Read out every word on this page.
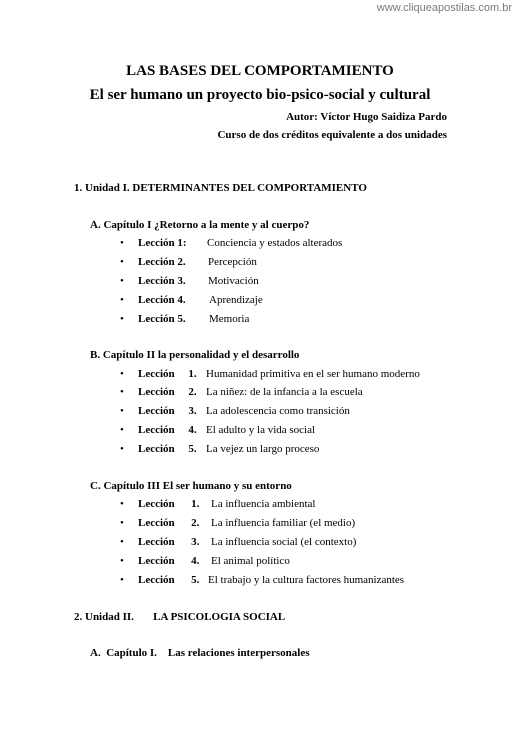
www.cliqueapostilas.com.br
LAS BASES DEL COMPORTAMIENTO
El ser humano un proyecto bio-psico-social y cultural
Autor: Víctor Hugo Saidiza Pardo
Curso de dos créditos equivalente a dos unidades
1. Unidad I. DETERMINANTES DEL COMPORTAMIENTO
A. Capítulo I ¿Retorno a la mente y al cuerpo?
•	Lección 1: Conciencia y estados alterados
•	Lección 2. Percepción
•	Lección 3. Motivación
•	Lección 4. Aprendizaje
•	Lección 5. Memoria
B. Capítulo II la personalidad y el desarrollo
•	Lección     1. Humanidad primitiva en el ser humano moderno
•	Lección     2. La niñez: de la infancia a la escuela
•	Lección     3. La adolescencia como transición
•	Lección     4. El adulto y la vida social
•	Lección     5. La vejez un largo proceso
C. Capítulo III El ser humano y su entorno
•	Lección      1. La influencia ambiental
•	Lección      2. La influencia familiar (el medio)
•	Lección      3. La influencia social (el contexto)
•	Lección      4. El animal político
•	Lección      5. El trabajo y la cultura factores humanizantes
2. Unidad II.       LA PSICOLOGIA SOCIAL
A.  Capítulo I.    Las relaciones interpersonales
